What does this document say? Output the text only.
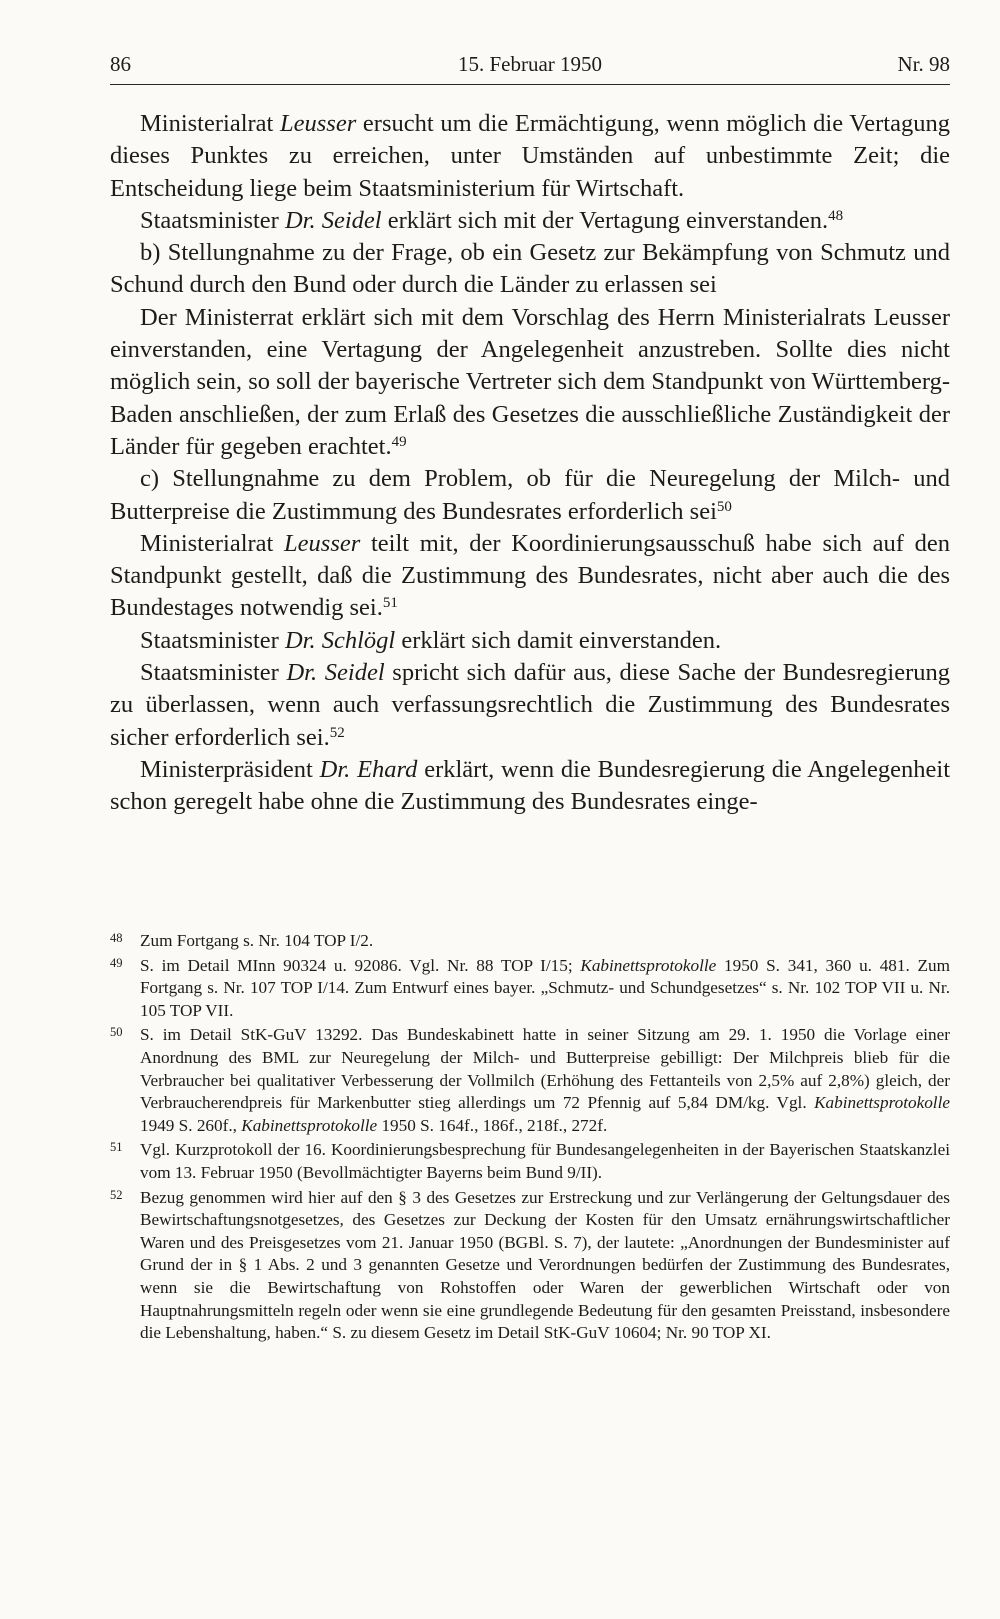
86	15. Februar 1950	Nr. 98

Ministerialrat Leusser ersucht um die Ermächtigung, wenn möglich die Vertagung dieses Punktes zu erreichen, unter Umständen auf unbestimmte Zeit; die Entscheidung liege beim Staatsministerium für Wirtschaft.

Staatsminister Dr. Seidel erklärt sich mit der Vertagung einverstanden.$^{48}$

b) Stellungnahme zu der Frage, ob ein Gesetz zur Bekämpfung von Schmutz und Schund durch den Bund oder durch die Länder zu erlassen sei

Der Ministerrat erklärt sich mit dem Vorschlag des Herrn Ministerialrats Leusser einverstanden, eine Vertagung der Angelegenheit anzustreben. Sollte dies nicht möglich sein, so soll der bayerische Vertreter sich dem Standpunkt von Württemberg-Baden anschließen, der zum Erlaß des Gesetzes die ausschließliche Zuständigkeit der Länder für gegeben erachtet.$^{49}$

c) Stellungnahme zu dem Problem, ob für die Neuregelung der Milch- und Butterpreise die Zustimmung des Bundesrates erforderlich sei$^{50}$

Ministerialrat Leusser teilt mit, der Koordinierungsausschuß habe sich auf den Standpunkt gestellt, daß die Zustimmung des Bundesrates, nicht aber auch die des Bundestages notwendig sei.$^{51}$

Staatsminister Dr. Schlögl erklärt sich damit einverstanden.

Staatsminister Dr. Seidel spricht sich dafür aus, diese Sache der Bundesregierung zu überlassen, wenn auch verfassungsrechtlich die Zustimmung des Bundesrates sicher erforderlich sei.$^{52}$

Ministerpräsident Dr. Ehard erklärt, wenn die Bundesregierung die Angelegenheit schon geregelt habe ohne die Zustimmung des Bundesrates einge-

48 Zum Fortgang s. Nr. 104 TOP I/2.
49 S. im Detail MInn 90324 u. 92086. Vgl. Nr. 88 TOP I/15; Kabinettsprotokolle 1950 S. 341, 360 u. 481. Zum Fortgang s. Nr. 107 TOP I/14. Zum Entwurf eines bayer. „Schmutz- und Schundgesetzes“ s. Nr. 102 TOP VII u. Nr. 105 TOP VII.
50 S. im Detail StK-GuV 13292. Das Bundeskabinett hatte in seiner Sitzung am 29. 1. 1950 die Vorlage einer Anordnung des BML zur Neuregelung der Milch- und Butterpreise gebilligt: Der Milchpreis blieb für die Verbraucher bei qualitativer Verbesserung der Vollmilch (Erhöhung des Fettanteils von 2,5% auf 2,8%) gleich, der Verbraucherendpreis für Markenbutter stieg allerdings um 72 Pfennig auf 5,84 DM/kg. Vgl. Kabinettsprotokolle 1949 S. 260f., Kabinettsprotokolle 1950 S. 164f., 186f., 218f., 272f.
51 Vgl. Kurzprotokoll der 16. Koordinierungsbesprechung für Bundesangelegenheiten in der Bayerischen Staatskanzlei vom 13. Februar 1950 (Bevollmächtigter Bayerns beim Bund 9/II).
52 Bezug genommen wird hier auf den § 3 des Gesetzes zur Erstreckung und zur Verlängerung der Geltungsdauer des Bewirtschaftungsnotgesetzes, des Gesetzes zur Deckung der Kosten für den Umsatz ernährungswirtschaftlicher Waren und des Preisgesetzes vom 21. Januar 1950 (BGBl. S. 7), der lautete: „Anordnungen der Bundesminister auf Grund der in § 1 Abs. 2 und 3 genannten Gesetze und Verordnungen bedürfen der Zustimmung des Bundesrates, wenn sie die Bewirtschaftung von Rohstoffen oder Waren der gewerblichen Wirtschaft oder von Hauptnahrungsmitteln regeln oder wenn sie eine grundlegende Bedeutung für den gesamten Preisstand, insbesondere die Lebenshaltung, haben.“ S. zu diesem Gesetz im Detail StK-GuV 10604; Nr. 90 TOP XI.
